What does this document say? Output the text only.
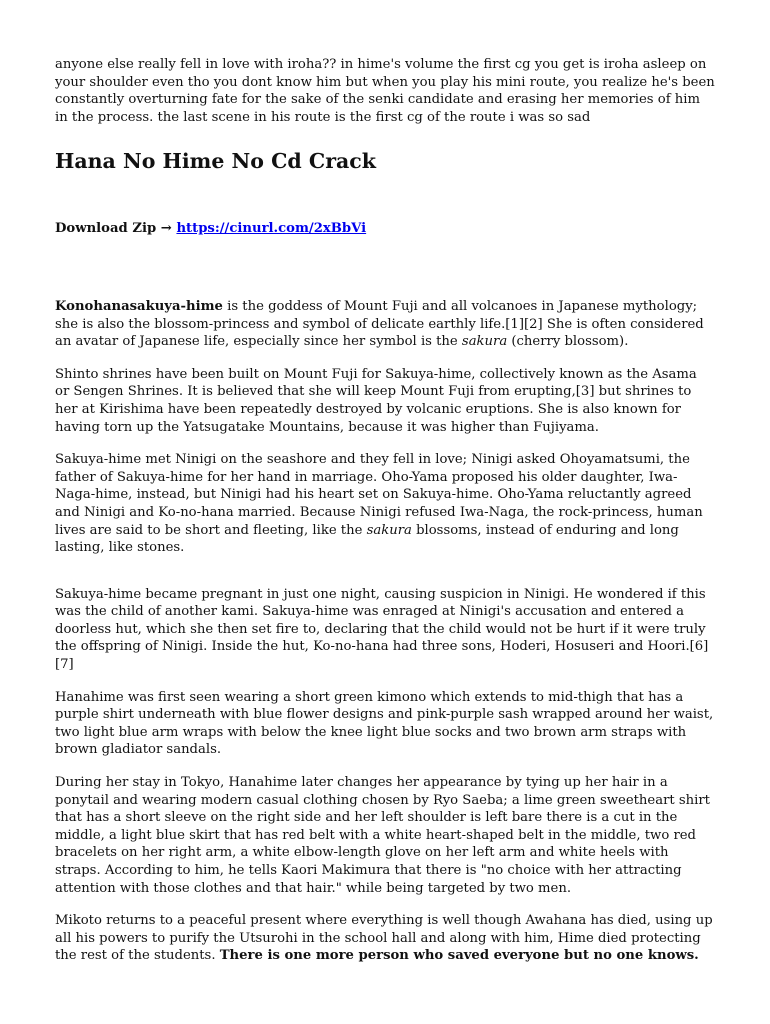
anyone else really fell in love with iroha?? in hime's volume the first cg you get is iroha asleep on your shoulder even tho you dont know him but when you play his mini route, you realize he's been constantly overturning fate for the sake of the senki candidate and erasing her memories of him in the process. the last scene in his route is the first cg of the route i was so sad

Hana No Hime No Cd Crack

Download Zip → https://cinurl.com/2xBbVi

Konohanasakuya-hime is the goddess of Mount Fuji and all volcanoes in Japanese mythology; she is also the blossom-princess and symbol of delicate earthly life.[1][2] She is often considered an avatar of Japanese life, especially since her symbol is the sakura (cherry blossom).

Shinto shrines have been built on Mount Fuji for Sakuya-hime, collectively known as the Asama or Sengen Shrines. It is believed that she will keep Mount Fuji from erupting,[3] but shrines to her at Kirishima have been repeatedly destroyed by volcanic eruptions. She is also known for having torn up the Yatsugatake Mountains, because it was higher than Fujiyama.

Sakuya-hime met Ninigi on the seashore and they fell in love; Ninigi asked Ohoyamatsumi, the father of Sakuya-hime for her hand in marriage. Oho-Yama proposed his older daughter, Iwa-Naga-hime, instead, but Ninigi had his heart set on Sakuya-hime. Oho-Yama reluctantly agreed and Ninigi and Ko-no-hana married. Because Ninigi refused Iwa-Naga, the rock-princess, human lives are said to be short and fleeting, like the sakura blossoms, instead of enduring and long lasting, like stones.

Sakuya-hime became pregnant in just one night, causing suspicion in Ninigi. He wondered if this was the child of another kami. Sakuya-hime was enraged at Ninigi's accusation and entered a doorless hut, which she then set fire to, declaring that the child would not be hurt if it were truly the offspring of Ninigi. Inside the hut, Ko-no-hana had three sons, Hoderi, Hosuseri and Hoori.[6][7]

Hanahime was first seen wearing a short green kimono which extends to mid-thigh that has a purple shirt underneath with blue flower designs and pink-purple sash wrapped around her waist, two light blue arm wraps with below the knee light blue socks and two brown arm straps with brown gladiator sandals.

During her stay in Tokyo, Hanahime later changes her appearance by tying up her hair in a ponytail and wearing modern casual clothing chosen by Ryo Saeba; a lime green sweetheart shirt that has a short sleeve on the right side and her left shoulder is left bare there is a cut in the middle, a light blue skirt that has red belt with a white heart-shaped belt in the middle, two red bracelets on her right arm, a white elbow-length glove on her left arm and white heels with straps. According to him, he tells Kaori Makimura that there is "no choice with her attracting attention with those clothes and that hair." while being targeted by two men.

Mikoto returns to a peaceful present where everything is well though Awahana has died, using up all his powers to purify the Utsurohi in the school hall and along with him, Hime died protecting the rest of the students. There is one more person who saved everyone but no one knows.
